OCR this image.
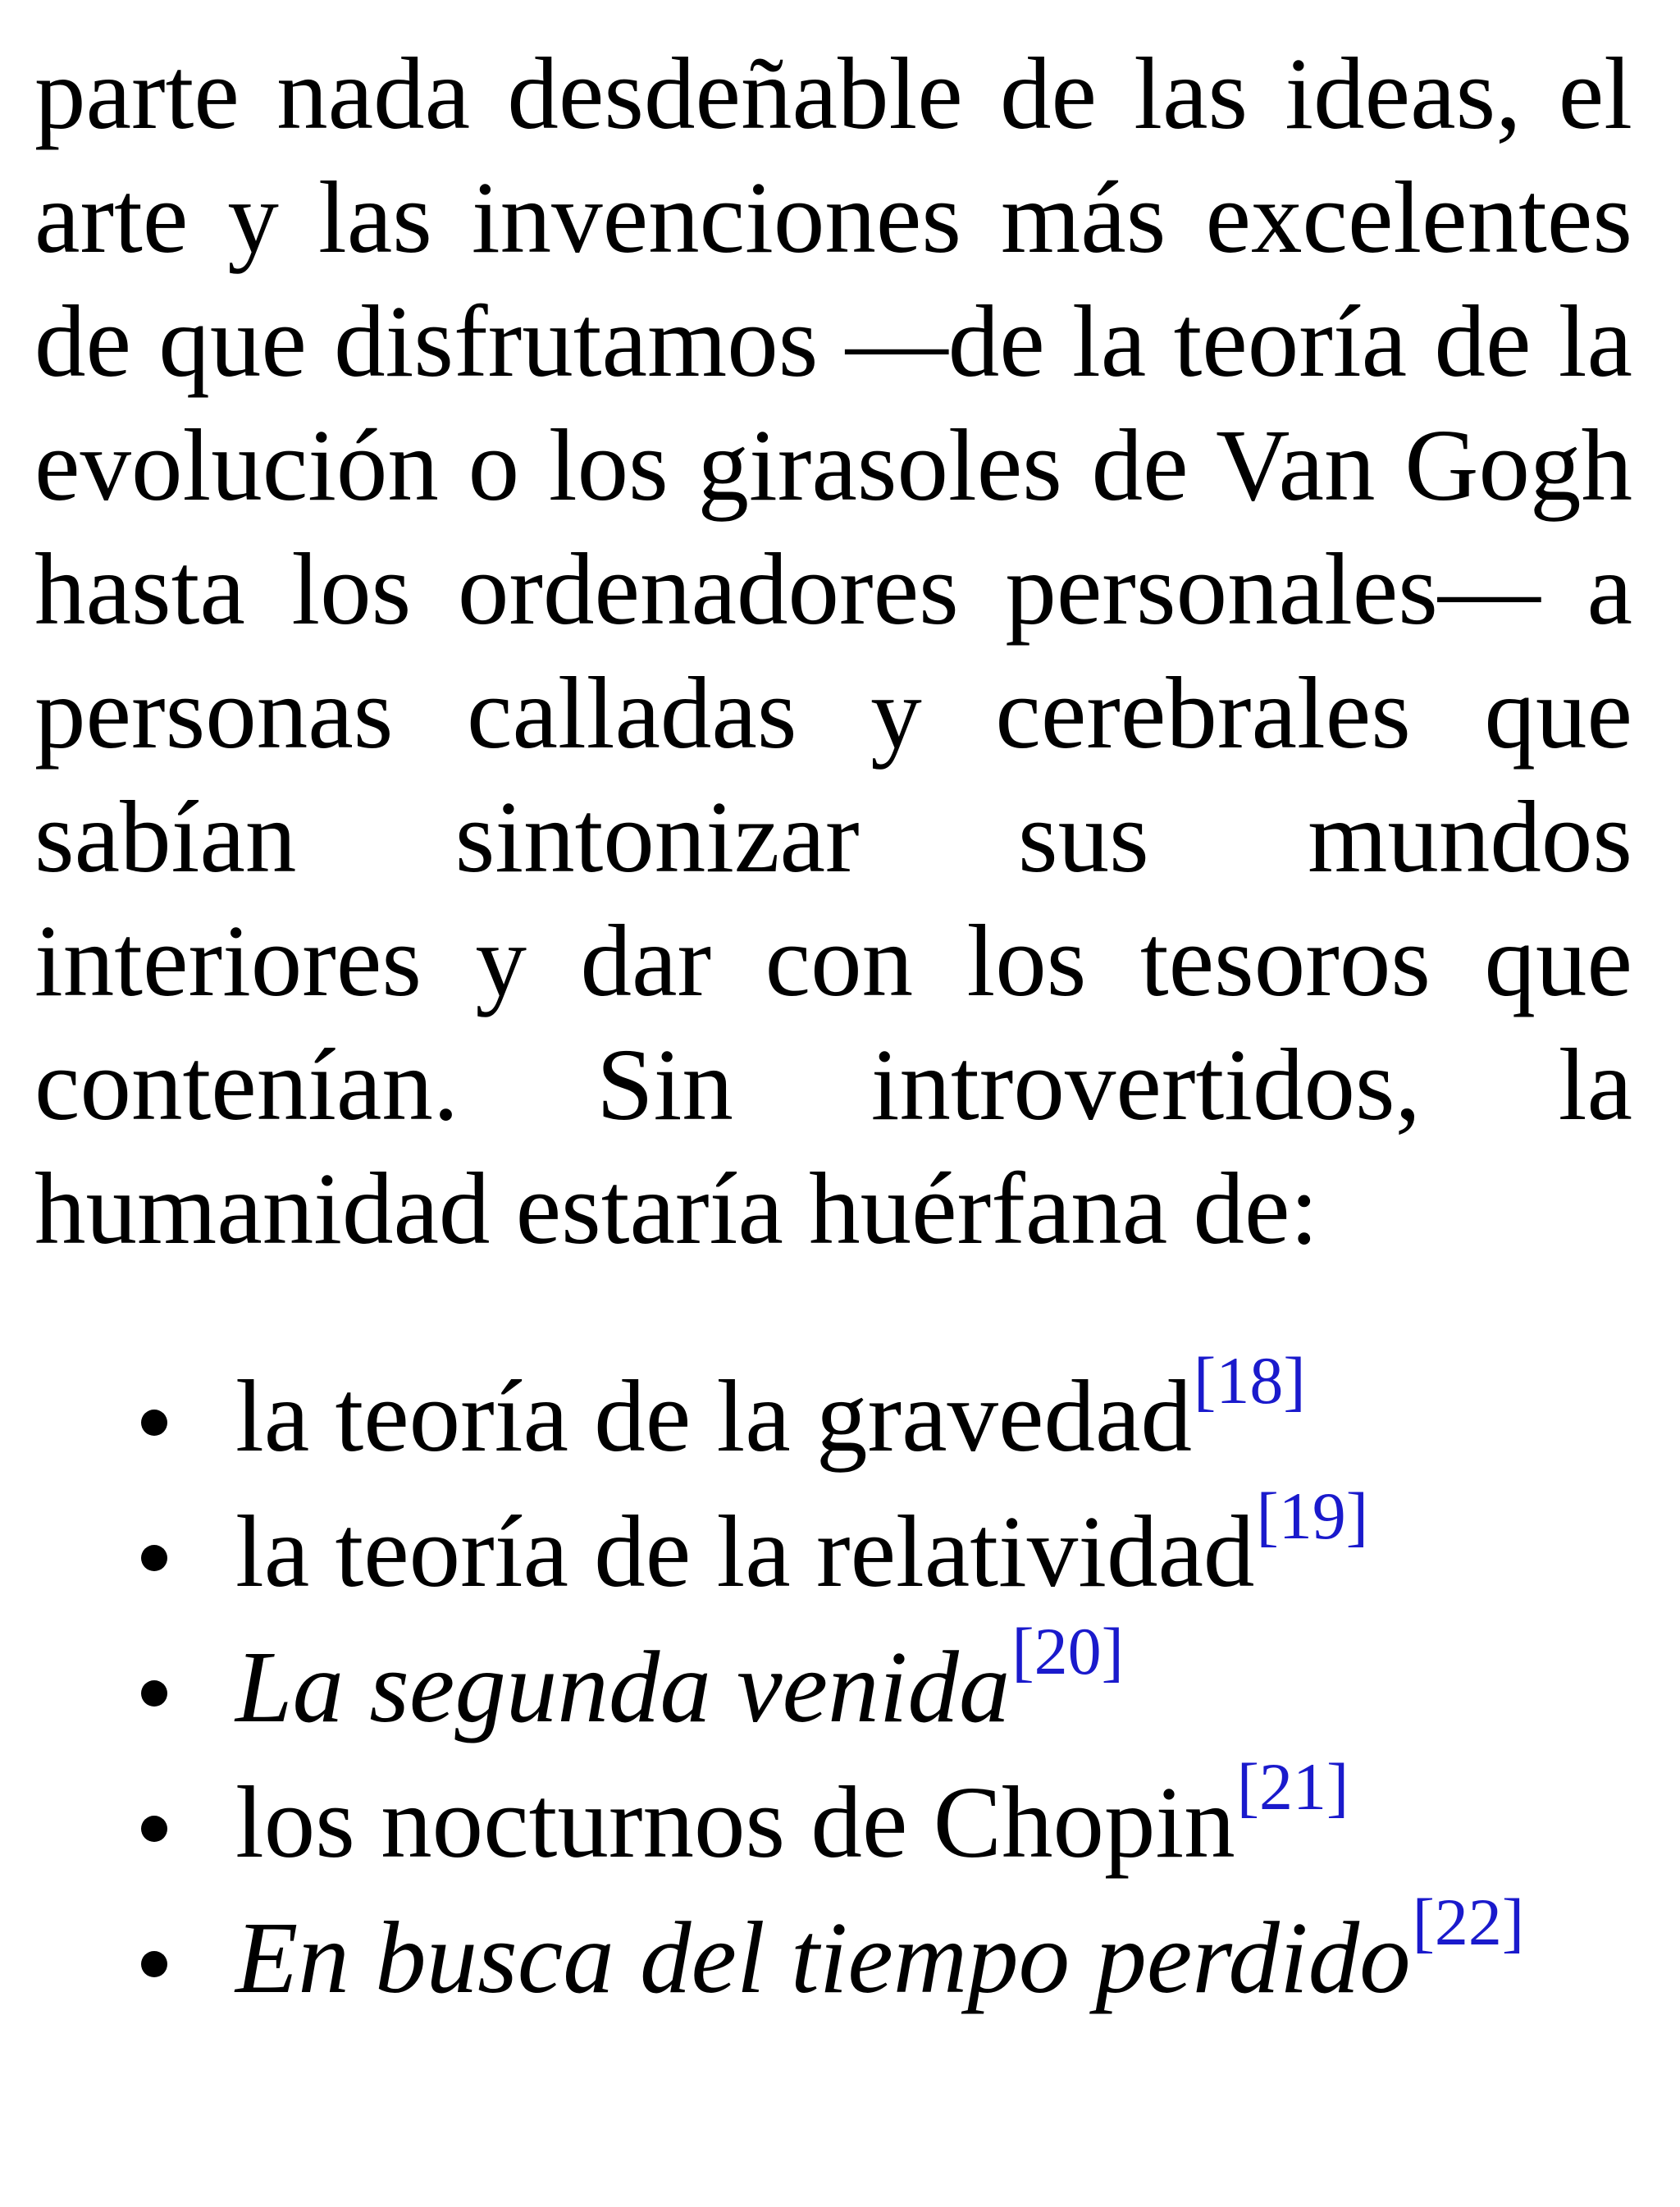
parte nada desdeñable de las ideas, el arte y las invenciones más excelentes de que disfrutamos —de la teoría de la evolución o los girasoles de Van Gogh hasta los ordenadores personales— a personas calladas y cerebrales que sabían sintonizar sus mundos interiores y dar con los tesoros que contenían. Sin introvertidos, la humanidad estaría huérfana de:

la teoría de la gravedad[18]
la teoría de la relatividad[19]
La segunda venida[20]
los nocturnos de Chopin[21]
En busca del tiempo perdido[22]
